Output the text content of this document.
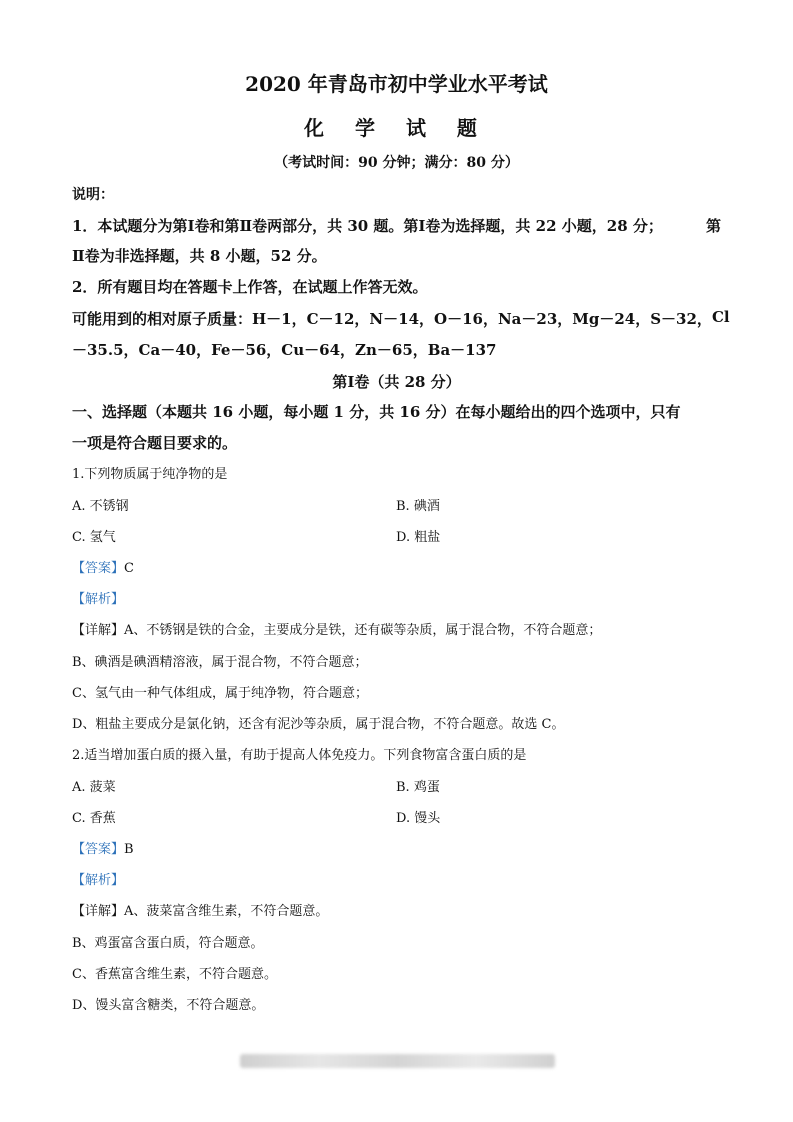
2020 年青岛市初中学业水平考试
化 学 试 题
（考试时间：90 分钟；满分：80 分）
说明：
1．本试题分为第Ⅰ卷和第Ⅱ卷两部分，共 30 题。第Ⅰ卷为选择题，共 22 小题，28 分；	第
Ⅱ卷为非选择题，共 8 小题，52 分。
2．所有题目均在答题卡上作答，在试题上作答无效。
可能用到的相对原子质量：H－1，C－12，N－14，O－16，Na－23，Mg－24，S－32， Cl
－35.5，Ca－40，Fe－56，Cu－64，Zn－65，Ba－137
第Ⅰ卷（共 28 分）
一、选择题（本题共 16 小题，每小题 1 分，共 16 分）在每小题给出的四个选项中，只有
一项是符合题目要求的。
1.下列物质属于纯净物的是
A. 不锈钢	B. 碘酒
C. 氢气	D. 粗盐
【答案】C
【解析】
【详解】A、不锈钢是铁的合金，主要成分是铁，还有碳等杂质，属于混合物，不符合题意；
B、碘酒是碘酒精溶液，属于混合物，不符合题意；
C、氢气由一种气体组成，属于纯净物，符合题意；
D、粗盐主要成分是氯化钠，还含有泥沙等杂质，属于混合物，不符合题意。故选 C。
2.适当增加蛋白质的摄入量，有助于提高人体免疫力。下列食物富含蛋白质的是
A. 菠菜	B. 鸡蛋
C. 香蕉	D. 馒头
【答案】B
【解析】
【详解】A、菠菜富含维生素，不符合题意。
B、鸡蛋富含蛋白质，符合题意。
C、香蕉富含维生素，不符合题意。
D、馒头富含糖类，不符合题意。
